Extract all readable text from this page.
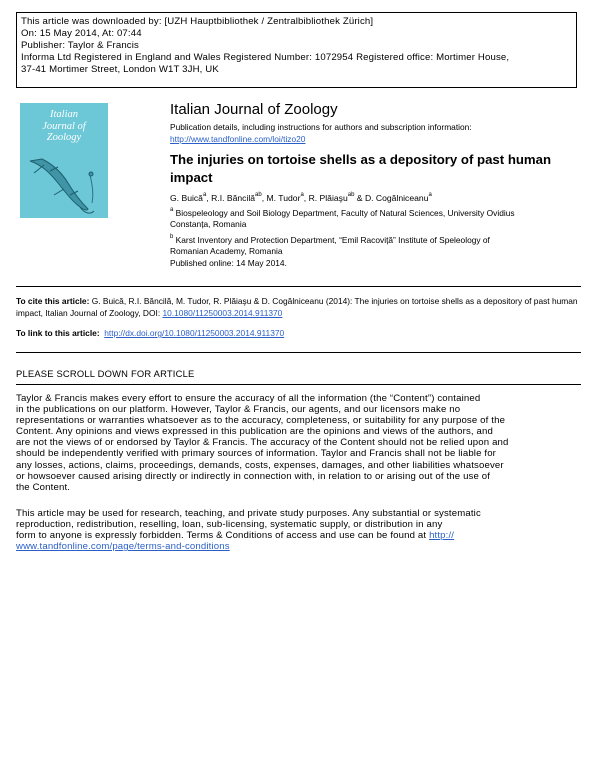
This article was downloaded by: [UZH Hauptbibliothek / Zentralbibliothek Zürich]
On: 15 May 2014, At: 07:44
Publisher: Taylor & Francis
Informa Ltd Registered in England and Wales Registered Number: 1072954 Registered office: Mortimer House,
37-41 Mortimer Street, London W1T 3JH, UK
Italian
Journal of
Zoology
Italian Journal of Zoology
Publication details, including instructions for authors and subscription information:
http://www.tandfonline.com/loi/tizo20
The injuries on tortoise shells as a depository of past human impact
G. Buică$^a$, R.I. Băncilă$^{ab}$, M. Tudor$^a$, R. Plăiaşu$^{ab}$ & D. Cogălniceanu$^a$
$^a$ Biospeleology and Soil Biology Department, Faculty of Natural Sciences, University Ovidius
Constanța, Romania
$^b$ Karst Inventory and Protection Department, “Emil Racoviță” Institute of Speleology of
Romanian Academy, Romania
Published online: 14 May 2014.
To cite this article: G. Buică, R.I. Băncilă, M. Tudor, R. Plăiaşu & D. Cogălniceanu (2014): The injuries on tortoise shells as a depository of past human impact, Italian Journal of Zoology, DOI: 10.1080/11250003.2014.911370
To link to this article: http://dx.doi.org/10.1080/11250003.2014.911370
PLEASE SCROLL DOWN FOR ARTICLE
Taylor & Francis makes every effort to ensure the accuracy of all the information (the “Content”) contained
in the publications on our platform. However, Taylor & Francis, our agents, and our licensors make no
representations or warranties whatsoever as to the accuracy, completeness, or suitability for any purpose of the
Content. Any opinions and views expressed in this publication are the opinions and views of the authors, and
are not the views of or endorsed by Taylor & Francis. The accuracy of the Content should not be relied upon and
should be independently verified with primary sources of information. Taylor and Francis shall not be liable for
any losses, actions, claims, proceedings, demands, costs, expenses, damages, and other liabilities whatsoever
or howsoever caused arising directly or indirectly in connection with, in relation to or arising out of the use of
the Content.
This article may be used for research, teaching, and private study purposes. Any substantial or systematic
reproduction, redistribution, reselling, loan, sub-licensing, systematic supply, or distribution in any
form to anyone is expressly forbidden. Terms & Conditions of access and use can be found at http://
www.tandfonline.com/page/terms-and-conditions
